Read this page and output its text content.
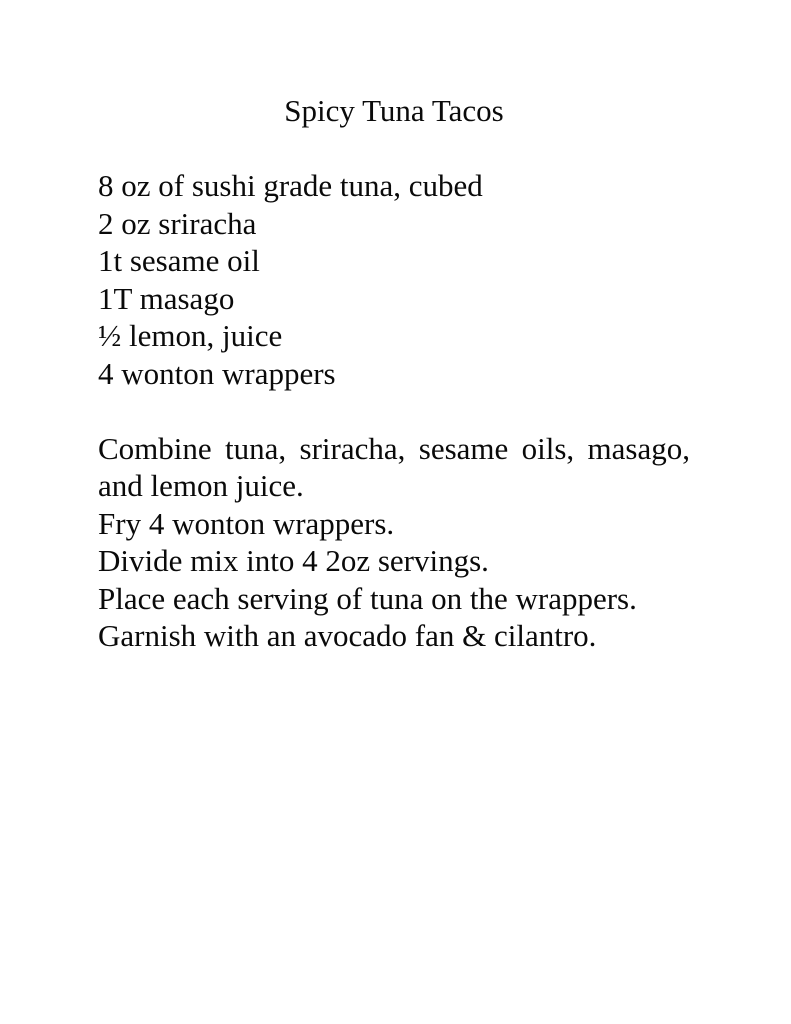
Spicy Tuna Tacos
8 oz of sushi grade tuna, cubed
2 oz sriracha
1t sesame oil
1T masago
½ lemon, juice
4 wonton wrappers
Combine tuna, sriracha, sesame oils, masago,
and lemon juice.
Fry 4 wonton wrappers.
Divide mix into 4 2oz servings.
Place each serving of tuna on the wrappers.
Garnish with an avocado fan & cilantro.
